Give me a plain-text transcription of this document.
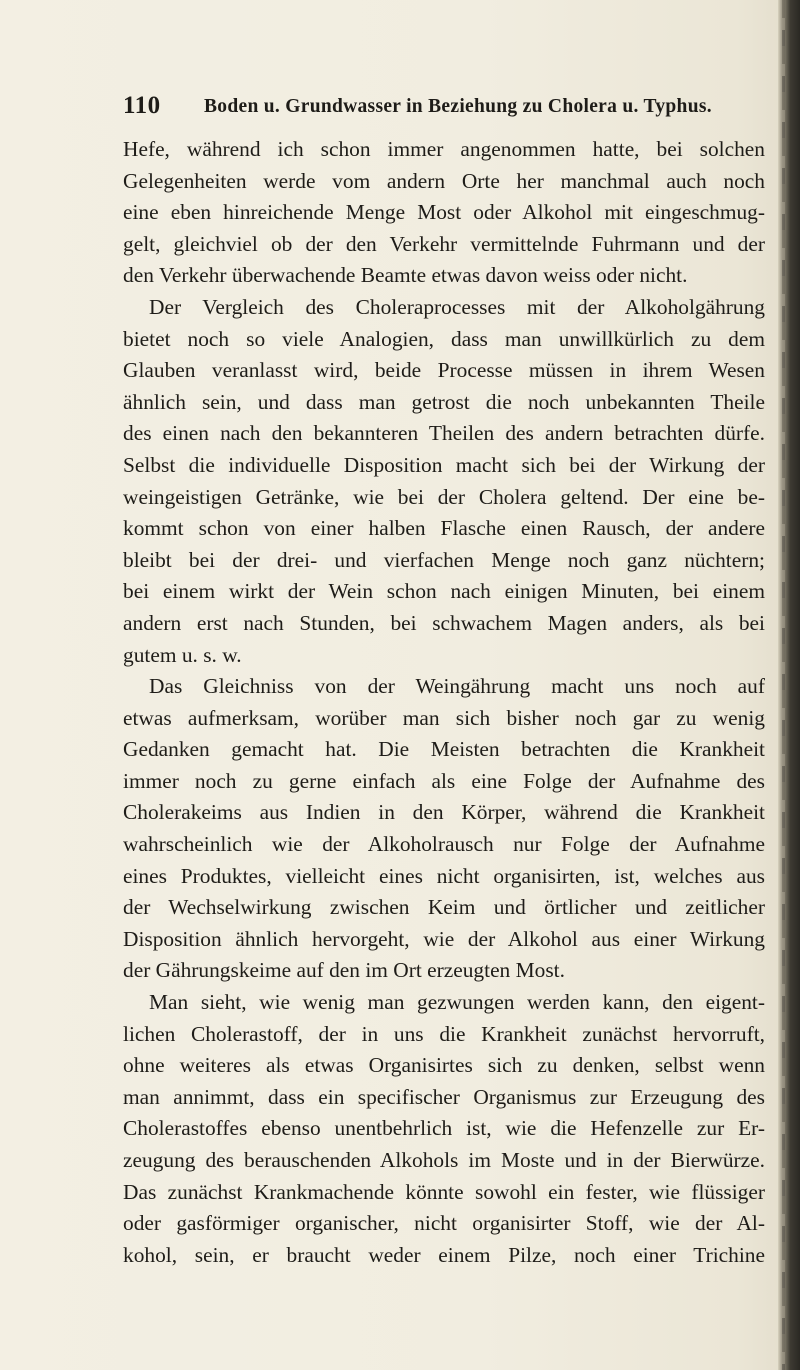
110 Boden u. Grundwasser in Beziehung zu Cholera u. Typhus.
Hefe, während ich schon immer angenommen hatte, bei solchen
Gelegenheiten werde vom andern Orte her manchmal auch noch
eine eben hinreichende Menge Most oder Alkohol mit eingeschmug-
gelt, gleichviel ob der den Verkehr vermittelnde Fuhrmann und der
den Verkehr überwachende Beamte etwas davon weiss oder nicht.
Der Vergleich des Choleraprocesses mit der Alkoholgährung
bietet noch so viele Analogien, dass man unwillkürlich zu dem
Glauben veranlasst wird, beide Processe müssen in ihrem Wesen
ähnlich sein, und dass man getrost die noch unbekannten Theile
des einen nach den bekannteren Theilen des andern betrachten dürfe.
Selbst die individuelle Disposition macht sich bei der Wirkung der
weingeistigen Getränke, wie bei der Cholera geltend. Der eine be-
kommt schon von einer halben Flasche einen Rausch, der andere
bleibt bei der drei- und vierfachen Menge noch ganz nüchtern;
bei einem wirkt der Wein schon nach einigen Minuten, bei einem
andern erst nach Stunden, bei schwachem Magen anders, als bei
gutem u. s. w.
Das Gleichniss von der Weingährung macht uns noch auf
etwas aufmerksam, worüber man sich bisher noch gar zu wenig
Gedanken gemacht hat. Die Meisten betrachten die Krankheit
immer noch zu gerne einfach als eine Folge der Aufnahme des
Cholerakeims aus Indien in den Körper, während die Krankheit
wahrscheinlich wie der Alkoholrausch nur Folge der Aufnahme
eines Produktes, vielleicht eines nicht organisirten, ist, welches aus
der Wechselwirkung zwischen Keim und örtlicher und zeitlicher
Disposition ähnlich hervorgeht, wie der Alkohol aus einer Wirkung
der Gährungskeime auf den im Ort erzeugten Most.
Man sieht, wie wenig man gezwungen werden kann, den eigent-
lichen Cholerastoff, der in uns die Krankheit zunächst hervorruft,
ohne weiteres als etwas Organisirtes sich zu denken, selbst wenn
man annimmt, dass ein specifischer Organismus zur Erzeugung des
Cholerastoffes ebenso unentbehrlich ist, wie die Hefenzelle zur Er-
zeugung des berauschenden Alkohols im Moste und in der Bierwürze.
Das zunächst Krankmachende könnte sowohl ein fester, wie flüssiger
oder gasförmiger organischer, nicht organisirter Stoff, wie der Al-
kohol, sein, er braucht weder einem Pilze, noch einer Trichine
